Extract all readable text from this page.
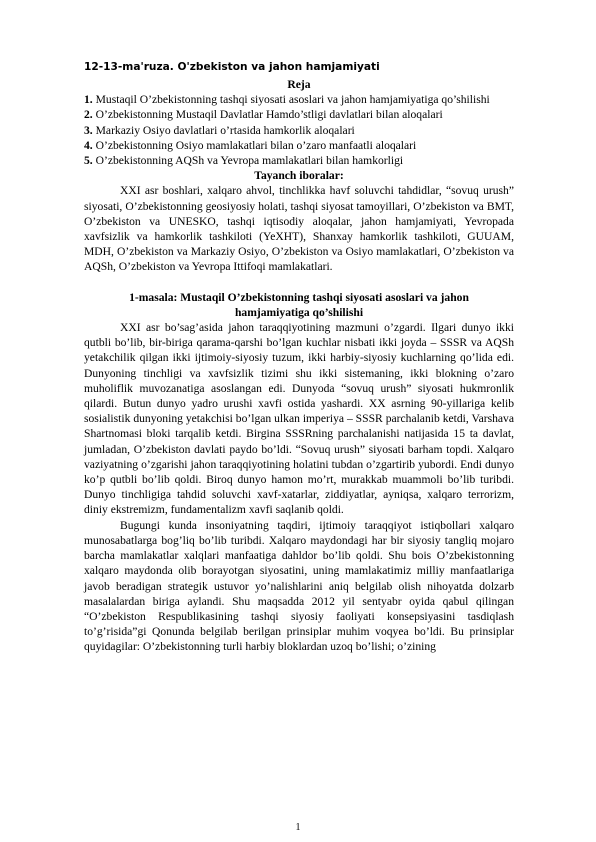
12-13-ma'ruza. O'zbekiston va jahon hamjamiyati
Reja

1. Mustaqil O’zbekistonning tashqi siyosati asoslari va jahon hamjamiyatiga qo’shilishi

2. O’zbekistonning Mustaqil Davlatlar Hamdo’stligi davlatlari bilan aloqalari

3. Markaziy Osiyo davlatlari o’rtasida hamkorlik aloqalari

4. O’zbekistonning Osiyo mamlakatlari bilan o’zaro manfaatli aloqalari

5. O’zbekistonning AQSh va Yevropa mamlakatlari bilan hamkorligi

Tayanch iboralar:

XXI asr boshlari, xalqaro ahvol, tinchlikka havf soluvchi tahdidlar, “sovuq urush” siyosati, O’zbekistonning geosiyosiy holati, tashqi siyosat tamoyillari, O’zbekiston va BMT, O’zbekiston va UNESKO, tashqi iqtisodiy aloqalar, jahon hamjamiyati, Yevropada xavfsizlik va hamkorlik tashkiloti (YeXHT), Shanxay hamkorlik tashkiloti, GUUAM, MDH, O’zbekiston va Markaziy Osiyo, O’zbekiston va Osiyo mamlakatlari, O’zbekiston va AQSh, O’zbekiston va Yevropa Ittifoqi mamlakatlari.

1-masala: Mustaqil O’zbekistonning tashqi siyosati asoslari va jahon
hamjamiyatiga qo’shilishi

XXI asr bo’sag’asida jahon taraqqiyotining mazmuni o’zgardi. Ilgari dunyo ikki qutbli bo’lib, bir-biriga qarama-qarshi bo’lgan kuchlar nisbati ikki joyda – SSSR va AQSh yetakchilik qilgan ikki ijtimoiy-siyosiy tuzum, ikki harbiy-siyosiy kuchlarning qo’lida edi. Dunyoning tinchligi va xavfsizlik tizimi shu ikki sistemaning, ikki blokning o’zaro muholiflik muvozanatiga asoslangan edi. Dunyoda “sovuq urush” siyosati hukmronlik qilardi. Butun dunyo yadro urushi xavfi ostida yashardi. XX asrning 90-yillariga kelib sosialistik dunyoning yetakchisi bo’lgan ulkan imperiya – SSSR parchalanib ketdi, Varshava Shartnomasi bloki tarqalib ketdi. Birgina SSSRning parchalanishi natijasida 15 ta davlat, jumladan, O’zbekiston davlati paydo bo’ldi. “Sovuq urush” siyosati barham topdi. Xalqaro vaziyatning o’zgarishi jahon taraqqiyotining holatini tubdan o’zgartirib yubordi. Endi dunyo ko’p qutbli bo’lib qoldi. Biroq dunyo hamon mo’rt, murakkab muammoli bo’lib turibdi. Dunyo tinchligiga tahdid soluvchi xavf-xatarlar, ziddiyatlar, ayniqsa, xalqaro terrorizm, diniy ekstremizm, fundamentalizm xavfi saqlanib qoldi.

Bugungi kunda insoniyatning taqdiri, ijtimoiy taraqqiyot istiqbollari xalqaro munosabatlarga bog’liq bo’lib turibdi. Xalqaro maydondagi har bir siyosiy tangliq mojaro barcha mamlakatlar xalqlari manfaatiga dahldor bo’lib qoldi. Shu bois O’zbekistonning xalqaro maydonda olib borayotgan siyosatini, uning mamlakatimiz milliy manfaatlariga javob beradigan strategik ustuvor yo’nalishlarini aniq belgilab olish nihoyatda dolzarb masalalardan biriga aylandi. Shu maqsadda 2012 yil sentyabr oyida qabul qilingan “O’zbekiston Respublikasining tashqi siyosiy faoliyati konsepsiyasini tasdiqlash to’g’risida”gi Qonunda belgilab berilgan prinsiplar muhim voqyea bo’ldi. Bu prinsiplar quyidagilar: O’zbekistonning turli harbiy bloklardan uzoq bo’lishi; o’zining

1
